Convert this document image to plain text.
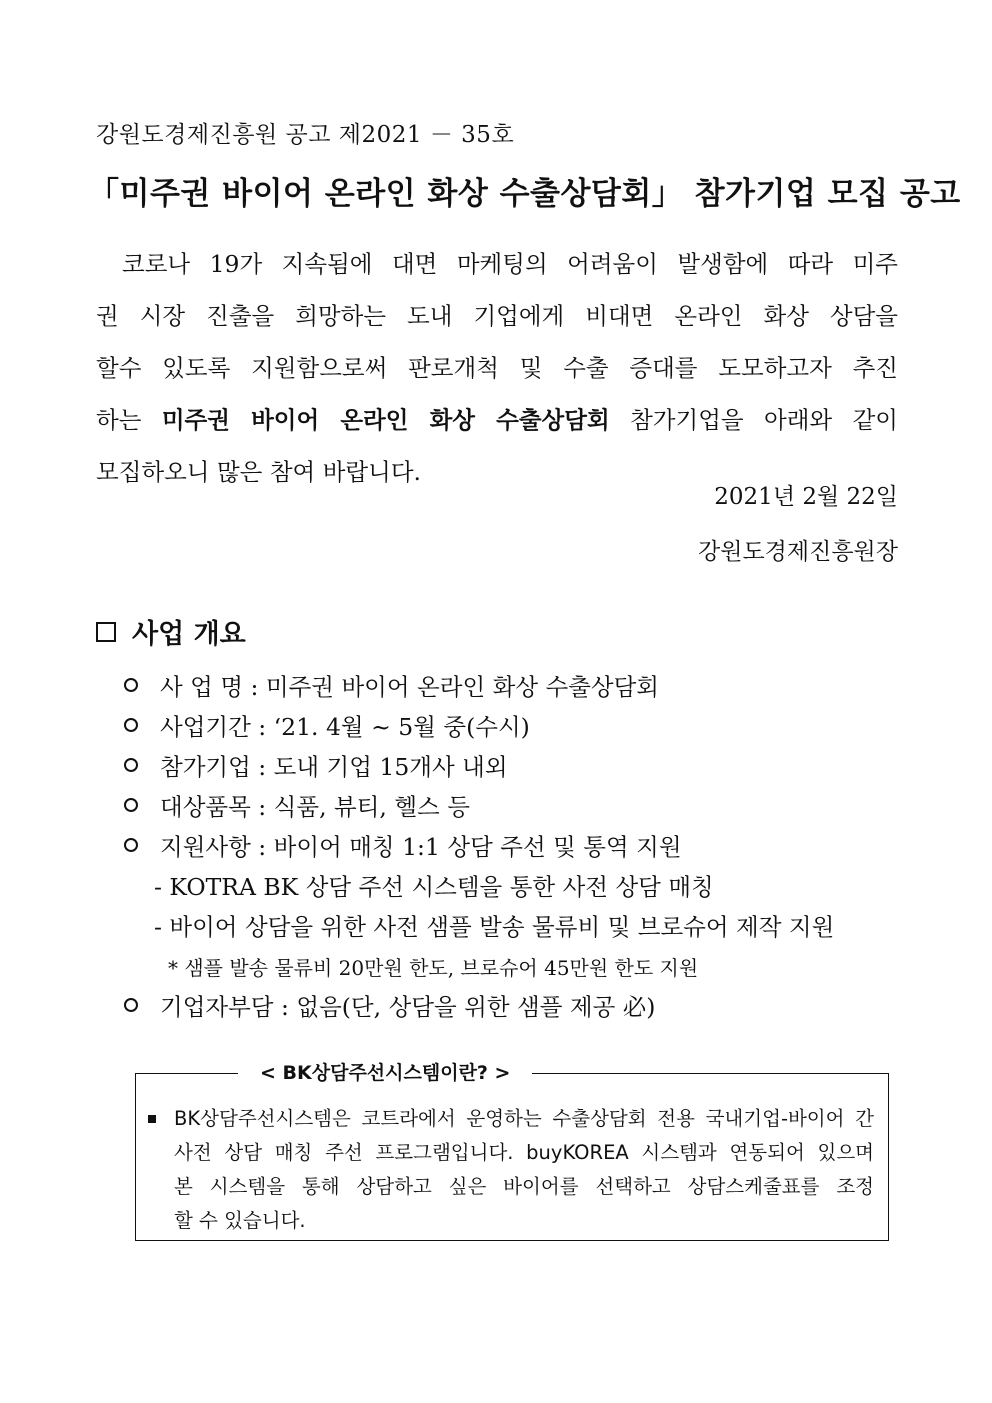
강원도경제진흥원 공고 제2021 － 35호
「미주권 바이어 온라인 화상 수출상담회」 참가기업 모집 공고
코로나 19가 지속됨에 대면 마케팅의 어려움이 발생함에 따라 미주
권 시장 진출을 희망하는 도내 기업에게 비대면 온라인 화상 상담을
할수 있도록 지원함으로써 판로개척 및 수출 증대를 도모하고자 추진
하는 미주권 바이어 온라인 화상 수출상담회 참가기업을 아래와 같이
모집하오니 많은 참여 바랍니다.
2021년 2월 22일
강원도경제진흥원장
사업 개요
사 업 명 : 미주권 바이어 온라인 화상 수출상담회
사업기간 : ‘21. 4월 ~ 5월 중(수시)
참가기업 : 도내 기업 15개사 내외
대상품목 : 식품, 뷰티, 헬스 등
지원사항 : 바이어 매칭 1:1 상담 주선 및 통역 지원
- KOTRA BK 상담 주선 시스템을 통한 사전 상담 매칭
- 바이어 상담을 위한 사전 샘플 발송 물류비 및 브로슈어 제작 지원
* 샘플 발송 물류비 20만원 한도, 브로슈어 45만원 한도 지원
기업자부담 : 없음(단, 상담을 위한 샘플 제공 必)
< BK상담주선시스템이란? >
BK상담주선시스템은 코트라에서 운영하는 수출상담회 전용 국내기업-바이어 간
사전 상담 매칭 주선 프로그램입니다. buyKOREA 시스템과 연동되어 있으며
본 시스템을 통해 상담하고 싶은 바이어를 선택하고 상담스케줄표를 조정
할 수 있습니다.
